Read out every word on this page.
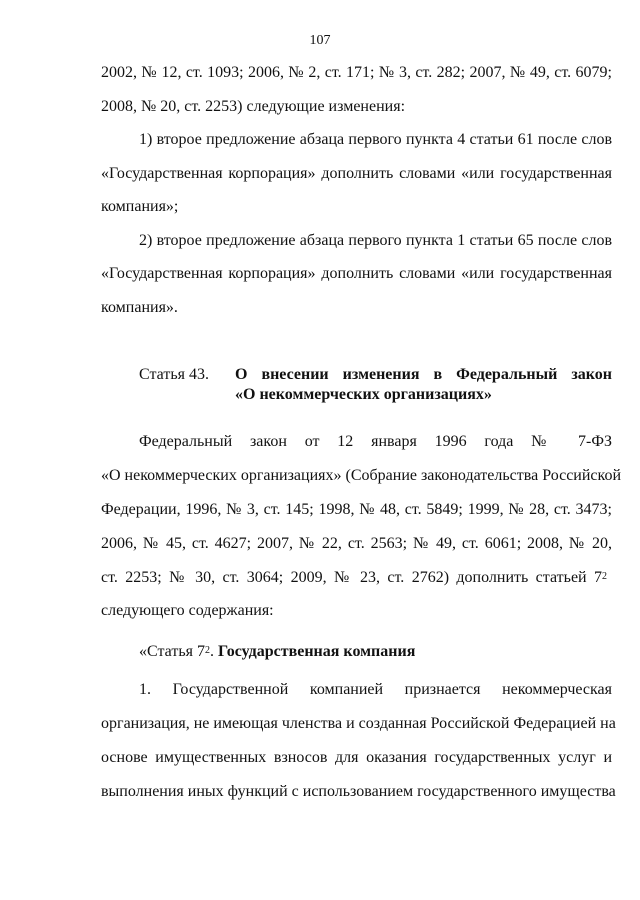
107
2002, № 12, ст. 1093; 2006, № 2, ст. 171; № 3, ст. 282; 2007, № 49, ст. 6079;
2008, № 20, ст. 2253) следующие изменения:
1) второе предложение абзаца первого пункта 4 статьи 61 после слов
«Государственная корпорация» дополнить словами «или государственная
компания»;
2) второе предложение абзаца первого пункта 1 статьи 65 после слов
«Государственная корпорация» дополнить словами «или государственная
компания».
Статья 43. О внесении изменения в Федеральный закон
«О некоммерческих организациях»
Федеральный закон от 12 января 1996 года № 7-ФЗ
«О некоммерческих организациях» (Собрание законодательства Российской
Федерации, 1996, № 3, ст. 145; 1998, № 48, ст. 5849; 1999, № 28, ст. 3473;
2006, № 45, ст. 4627; 2007, № 22, ст. 2563; № 49, ст. 6061; 2008, № 20,
ст. 2253; № 30, ст. 3064; 2009, № 23, ст. 2762) дополнить статьей $7^2$
следующего содержания:
«Статья $7^2$. Государственная компания
1. Государственной компанией признается некоммерческая
организация, не имеющая членства и созданная Российской Федерацией на
основе имущественных взносов для оказания государственных услуг и
выполнения иных функций с использованием государственного имущества
